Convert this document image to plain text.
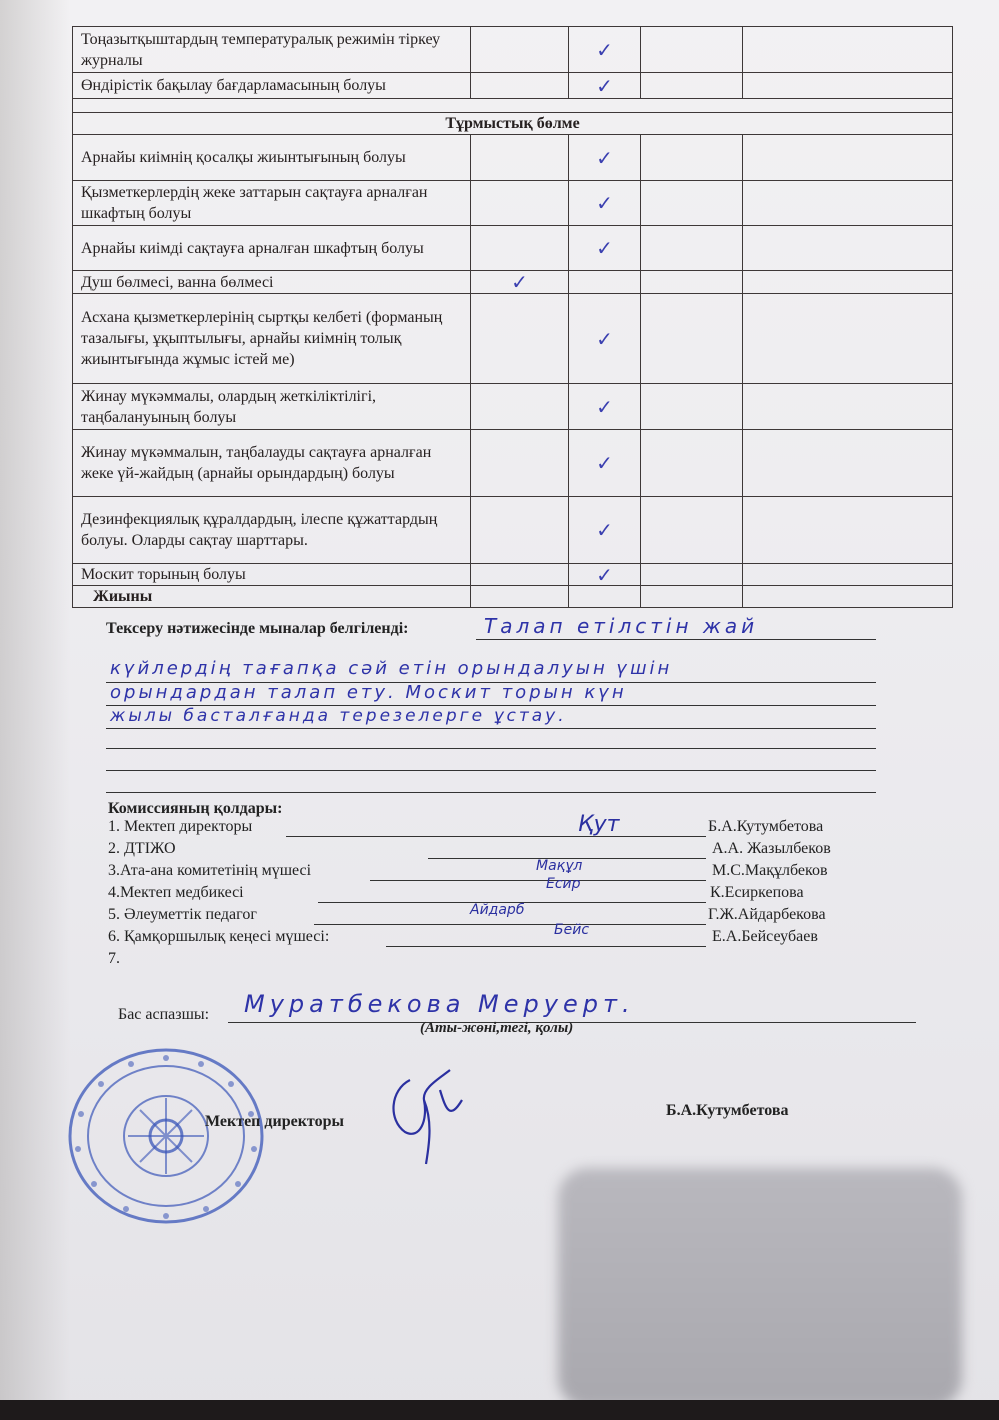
Тоңазытқыштардың температуралық режимін тіркеу журналы		✓		

Өндірістік бақылау бағдарламасының болуы		✓		

Тұрмыстық бөлме				
Арнайы киімнің қосалқы жиынтығының болуы		✓		

Қызметкерлердің жеке заттарын сақтауға арналған шкафтың болуы		✓		

Арнайы киімді сақтауға арналған шкафтың болуы		✓		

Душ бөлмесі, ванна бөлмесі	✓			

Асхана қызметкерлерінің сыртқы келбеті (форманың тазалығы, ұқыптылығы, арнайы киімнің толық жиынтығында жұмыс істей ме)		✓		

Жинау мүкәммалы, олардың жеткіліктілігі, таңбалануының болуы		✓		

Жинау мүкәммалын, таңбалауды сақтауға арналған жеке үй-жайдың (арнайы орындардың) болуы		✓		

Дезинфекциялық құралдардың, ілеспе құжаттардың болуы. Оларды сақтау шарттары.		✓		

Москит торының болуы		✓		

Жиыны				
Тексеру нәтижесінде мыналар белгіленді:	Талап етілстін жай
күйлердің тағапқа сәй етін орындалуын үшін
орындардан талап ету. Москит торын күн
жылы басталғанда терезелерге ұстау.
Комиссияның қолдары:
1. Мектеп директоры	Б.А.Кутумбетова
Қут
2. ДТІЖО	А.А. Жазылбеков
3.Ата-ана комитетінің мүшесі	М.С.Мақұлбеков
Мақұл
4.Мектеп медбикесі	К.Есиркепова
Есир
5. Әлеуметтік педагог	Г.Ж.Айдарбекова
Айдарб
6. Қамқоршылық кеңесі мүшесі:	Е.А.Бейсеубаев
Бейс
7.
Бас аспазшы: Муратбекова Меруерт.
(Аты-жөні,тегі, қолы)
Мектеп директоры
Б.А.Кутумбетова
